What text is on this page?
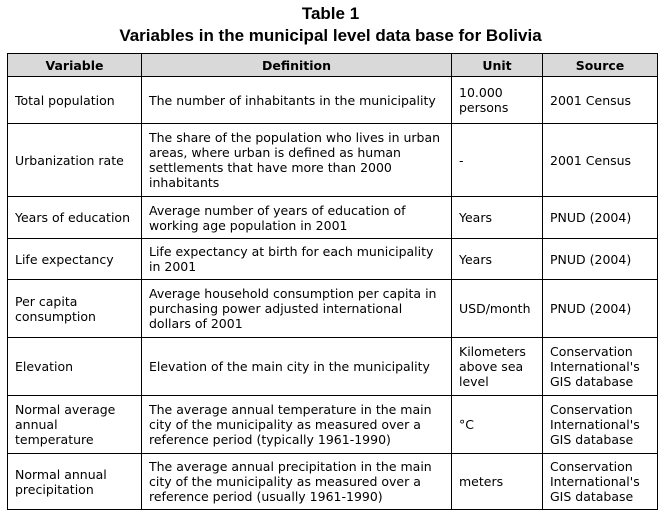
Table 1
Variables in the municipal level data base for Bolivia
Variable	Definition	Unit	Source
Total population	The number of inhabitants in the municipality	10.000 persons	2001 Census
Urbanization rate	The share of the population who lives in urban areas, where urban is defined as human settlements that have more than 2000 inhabitants	-	2001 Census
Years of education	Average number of years of education of working age population in 2001	Years	PNUD (2004)
Life expectancy	Life expectancy at birth for each municipality in 2001	Years	PNUD (2004)
Per capita consumption	Average household consumption per capita in purchasing power adjusted international dollars of 2001	USD/month	PNUD (2004)
Elevation	Elevation of the main city in the municipality	Kilometers above sea level	Conservation International's GIS database
Normal average annual temperature	The average annual temperature in the main city of the municipality as measured over a reference period (typically 1961-1990)	°C	Conservation International's GIS database
Normal annual precipitation	The average annual precipitation in the main city of the municipality as measured over a reference period (usually 1961-1990)	meters	Conservation International's GIS database
